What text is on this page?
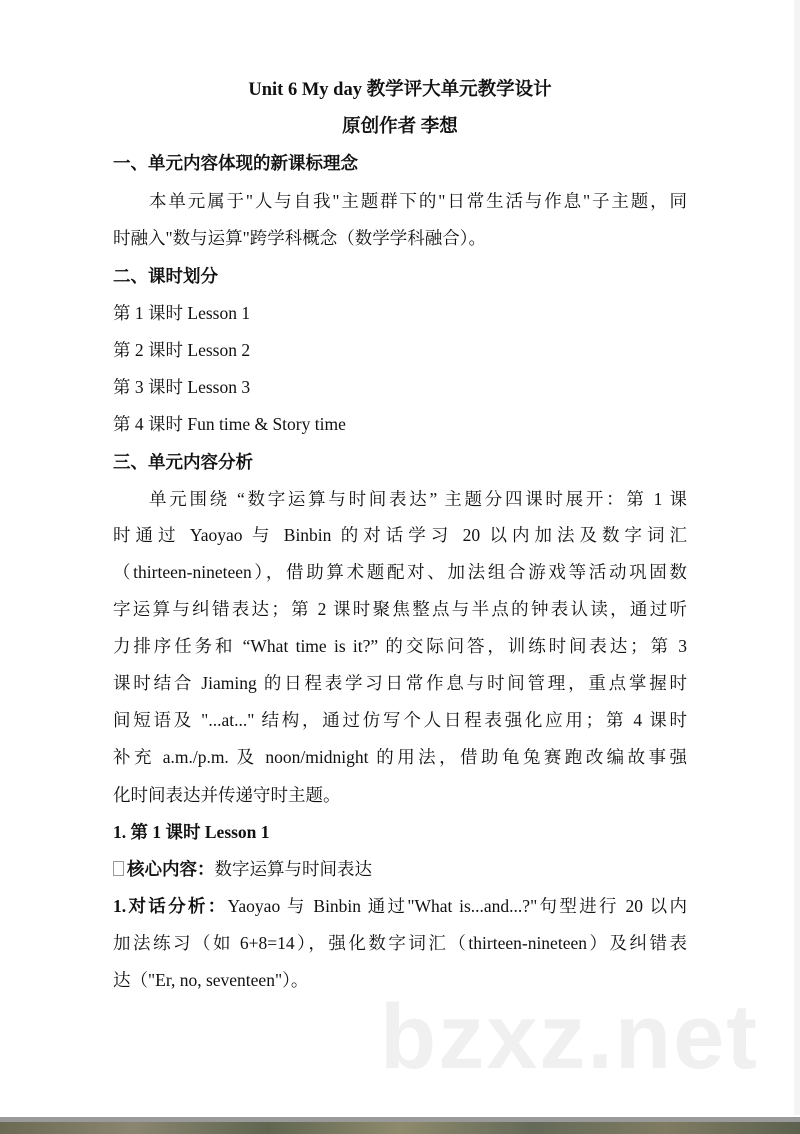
Unit 6 My day 教学评大单元教学设计
原创作者 李想
一、单元内容体现的新课标理念
本单元属于"人与自我"主题群下的"日常生活与作息"子主题，同
时融入"数与运算"跨学科概念（数学学科融合）。
二、课时划分
第 1 课时 Lesson 1
第 2 课时 Lesson 2
第 3 课时 Lesson 3
第 4 课时 Fun time & Story time
三、单元内容分析
单元围绕 “数字运算与时间表达” 主题分四课时展开：第 1 课
时通过 Yaoyao 与 Binbin 的对话学习 20 以内加法及数字词汇
（thirteen-nineteen），借助算术题配对、加法组合游戏等活动巩固数
字运算与纠错表达；第 2 课时聚焦整点与半点的钟表认读，通过听
力排序任务和 “What time is it?” 的交际问答，训练时间表达；第 3
课时结合 Jiaming 的日程表学习日常作息与时间管理，重点掌握时
间短语及 "...at..." 结构，通过仿写个人日程表强化应用；第 4 课时
补充 a.m./p.m. 及 noon/midnight 的用法，借助龟兔赛跑改编故事强
化时间表达并传递守时主题。
1. 第 1 课时 Lesson 1
核心内容：数字运算与时间表达
1.对话分析：Yaoyao 与 Binbin 通过"What is...and...?"句型进行 20 以内
加法练习（如 6+8=14），强化数字词汇（thirteen-nineteen）及纠错表
达（"Er, no, seventeen"）。
bzxz.net
